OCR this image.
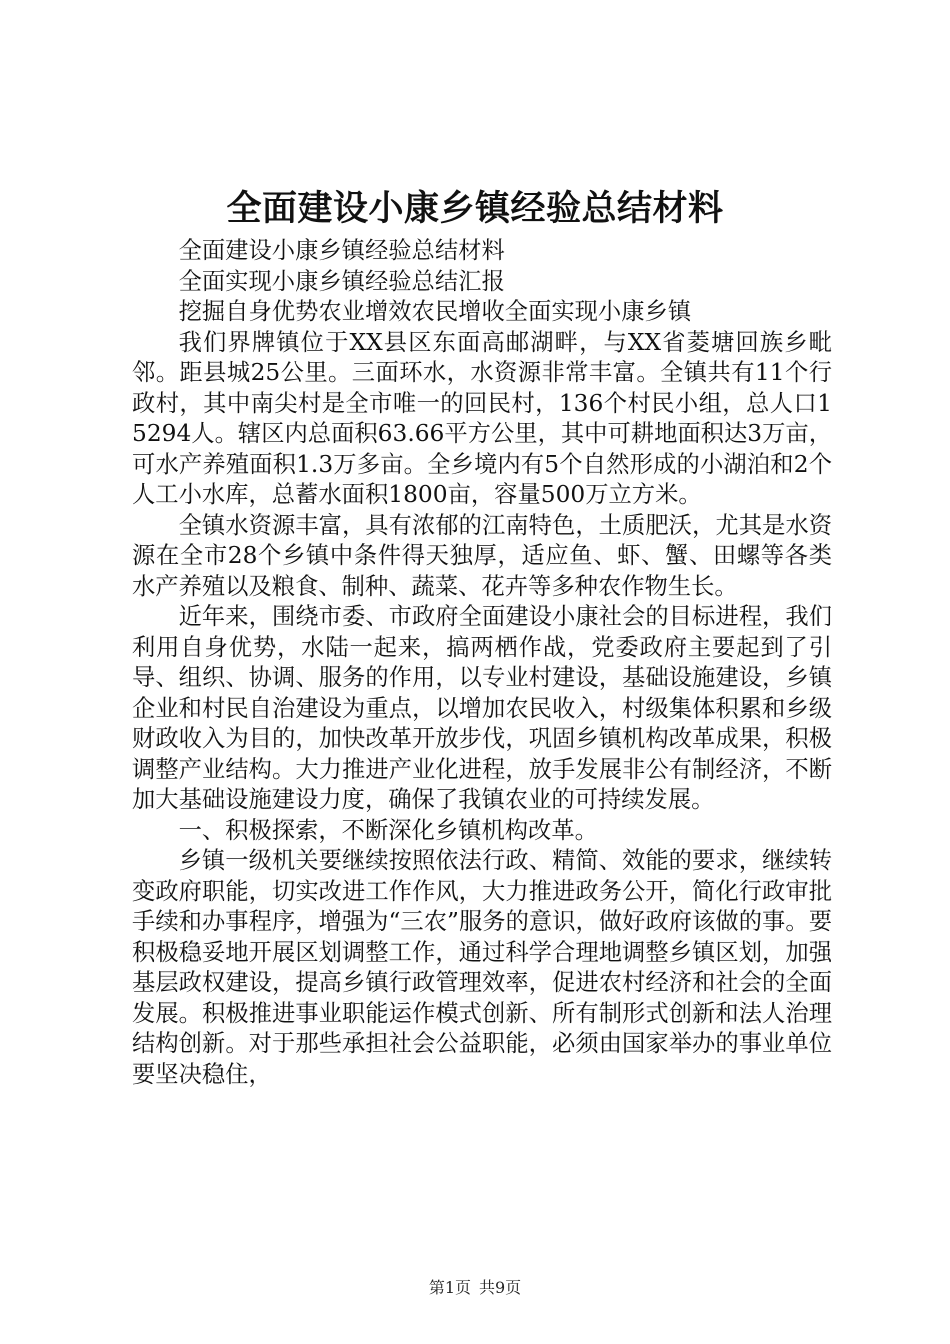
全面建设小康乡镇经验总结材料

全面建设小康乡镇经验总结材料

全面实现小康乡镇经验总结汇报

挖掘自身优势农业增效农民增收全面实现小康乡镇

我们界牌镇位于XX县区东面高邮湖畔，与XX省菱塘回族乡毗邻。距县城25公里。三面环水，水资源非常丰富。全镇共有11个行政村，其中南尖村是全市唯一的回民村，136个村民小组，总人口15294人。辖区内总面积63.66平方公里，其中可耕地面积达3万亩，可水产养殖面积1.3万多亩。全乡境内有5个自然形成的小湖泊和2个人工小水库，总蓄水面积1800亩，容量500万立方米。

全镇水资源丰富，具有浓郁的江南特色，土质肥沃，尤其是水资源在全市28个乡镇中条件得天独厚，适应鱼、虾、蟹、田螺等各类水产养殖以及粮食、制种、蔬菜、花卉等多种农作物生长。

近年来，围绕市委、市政府全面建设小康社会的目标进程，我们利用自身优势，水陆一起来，搞两栖作战，党委政府主要起到了引导、组织、协调、服务的作用，以专业村建设，基础设施建设，乡镇企业和村民自治建设为重点，以增加农民收入，村级集体积累和乡级财政收入为目的，加快改革开放步伐，巩固乡镇机构改革成果，积极调整产业结构。大力推进产业化进程，放手发展非公有制经济，不断加大基础设施建设力度，确保了我镇农业的可持续发展。

一、积极探索，不断深化乡镇机构改革。

乡镇一级机关要继续按照依法行政、精简、效能的要求，继续转变政府职能，切实改进工作作风，大力推进政务公开，简化行政审批手续和办事程序，增强为“三农”服务的意识，做好政府该做的事。要积极稳妥地开展区划调整工作，通过科学合理地调整乡镇区划，加强基层政权建设，提高乡镇行政管理效率，促进农村经济和社会的全面发展。积极推进事业职能运作模式创新、所有制形式创新和法人治理结构创新。对于那些承担社会公益职能，必须由国家举办的事业单位要坚决稳住，

第1页 共9页
